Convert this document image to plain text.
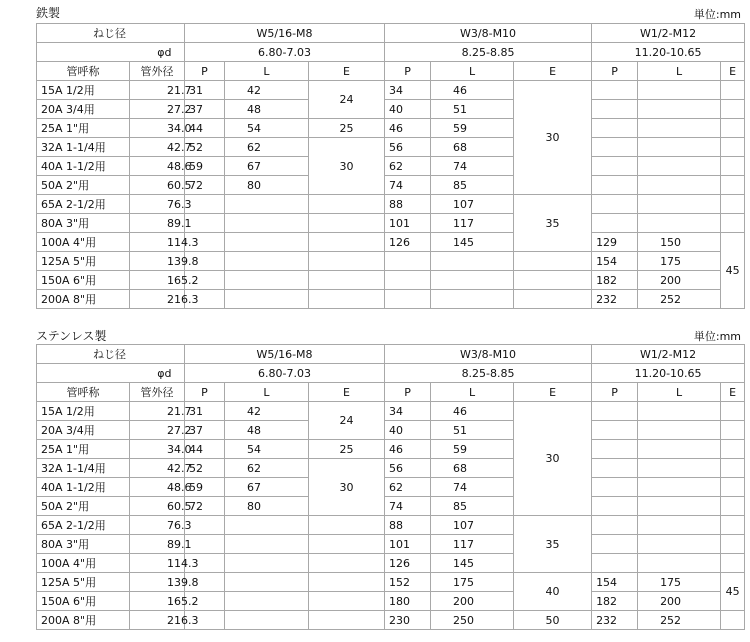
鉄製	単位:mm
ねじ径		W5/16-M8			W3/8-M10			W1/2-M12		
φd		6.80-7.03			8.25-8.85			11.20-10.65		
管呼称	管外径	P	L	E	P	L	E	P	L	E
15A 1/2用	21.7	31	42	24	34	46	30			
20A 3/4用	27.2	37	48		40	51				
25A 1"用	34.0	44	54	25	46	59				
32A 1-1/4用	42.7	52	62	30	56	68				
40A 1-1/2用	48.6	59	67		62	74				
50A 2"用	60.5	72	80		74	85				
65A 2-1/2用	76.3				88	107	35			
80A 3"用	89.1				101	117				
100A 4"用	114.3				126	145		129	150	45
125A 5"用	139.8							154	175	
150A 6"用	165.2							182	200	
200A 8"用	216.3							232	252	
ステンレス製	単位:mm
ねじ径		W5/16-M8			W3/8-M10			W1/2-M12		
φd		6.80-7.03			8.25-8.85			11.20-10.65		
管呼称	管外径	P	L	E	P	L	E	P	L	E
15A 1/2用	21.7	31	42	24	34	46	30			
20A 3/4用	27.2	37	48		40	51				
25A 1"用	34.0	44	54	25	46	59				
32A 1-1/4用	42.7	52	62	30	56	68				
40A 1-1/2用	48.6	59	67		62	74				
50A 2"用	60.5	72	80		74	85				
65A 2-1/2用	76.3				88	107	35			
80A 3"用	89.1				101	117				
100A 4"用	114.3				126	145				
125A 5"用	139.8				152	175	40	154	175	45
150A 6"用	165.2				180	200		182	200	
200A 8"用	216.3				230	250	50	232	252	
